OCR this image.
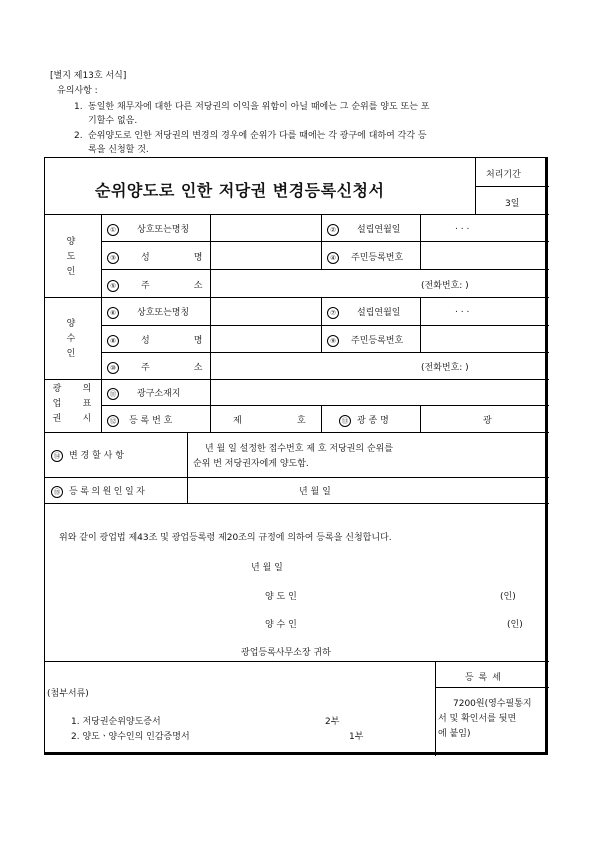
[별지 제13호 서식]
유의사항 :
1. 동일한 채무자에 대한 다른 저당권의 이익을 위함이 아닐 때에는 그 순위를 양도 또는 포
기할수 없음.
2. 순위양도로 인한 저당권의 변경의 경우에 순위가 다를 때에는 각 광구에 대하여 각각 등
록을 신청할 것.
순위양도로 인한 저당권 변경등록신청서
처리기간
3일
양
도
인
① 상호또는명칭	② 설립연월일	. . .
③	성	명	④ 주민등록번호
⑤	주	소	(전화번호: )
양
수
인
⑥ 상호또는명칭	⑦ 설립연월일	. . .
⑧	성	명	⑨ 주민등록번호
⑩	주	소	(전화번호: )
광
업
권
의
표
시
⑪ 광구소재지
⑫ 등 록 번 호	제	호	⑬ 광 종 명	광
⑭ 변 경 할 사 항
년 월 일 설정한 접수번호 제 호 저당권의 순위를
순위 번 저당권자에게 양도함.
⑮ 등록의원인일자	년 월 일
위와 같이 광업법 제43조 및 광업등록령 제20조의 규정에 의하여 등록을 신청합니다.
년 월 일
양 도 인	(인)
양 수 인	(인)
광업등록사무소장 귀하
(첨부서류)
1. 저당권순위양도증서	2부
2. 양도ㆍ양수인의 인감증명서	1부
등 록 세
7200원(영수필통지
서 및 확인서를 뒷면
에 붙임)
